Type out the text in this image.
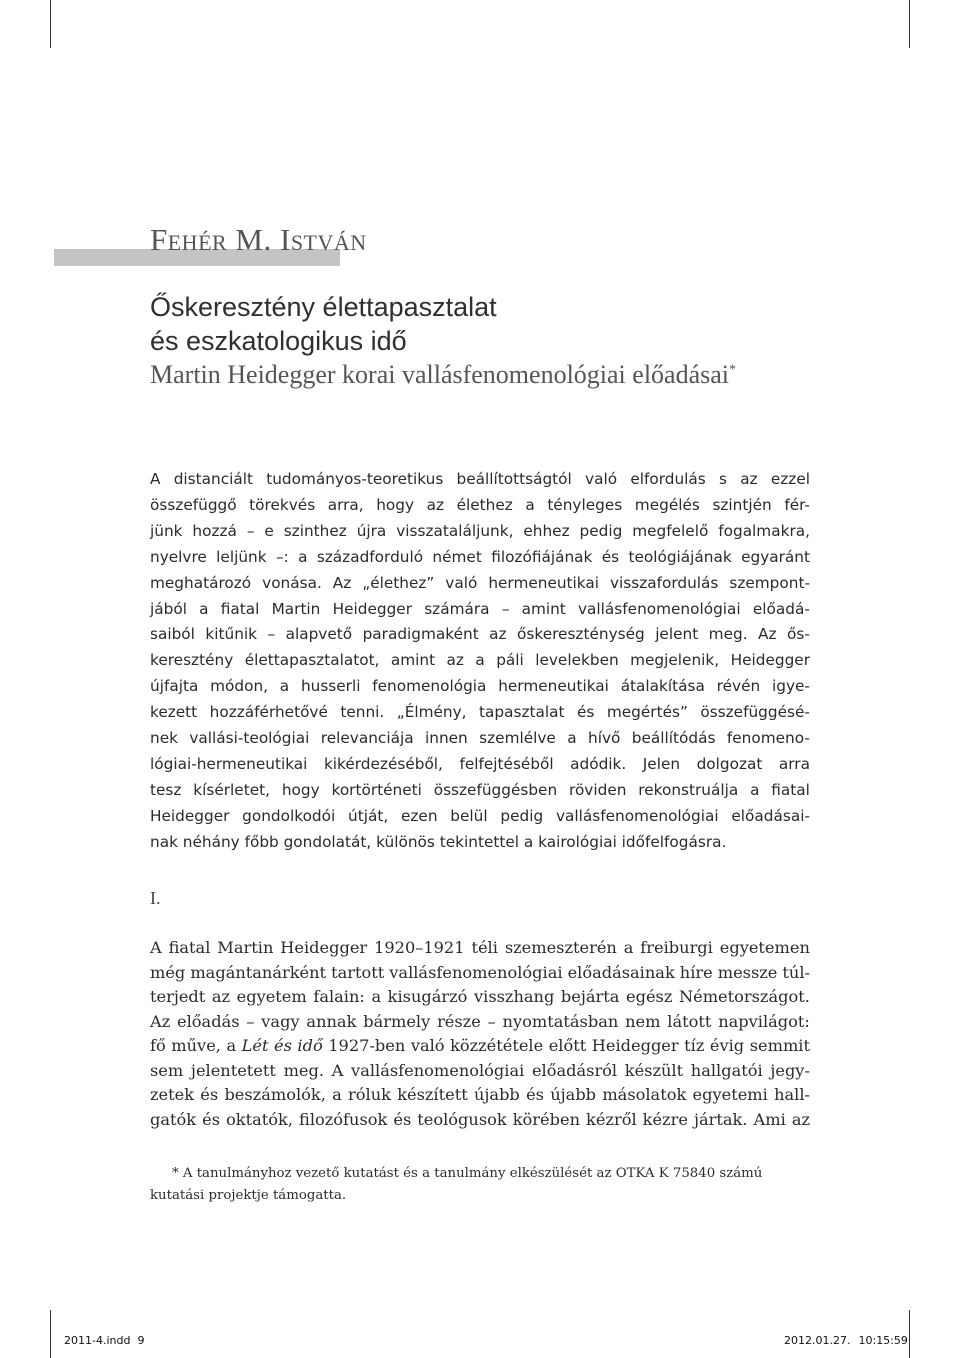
Fehér M. István
Őskeresztény élettapasztalat
és eszkatologikus idő
Martin Heidegger korai vallásfenomenológiai előadásai*
A distanciált tudományos-teoretikus beállítottságtól való elfordulás s az ezzel
összefüggő törekvés arra, hogy az élethez a tényleges megélés szintjén fér-
jünk hozzá – e szinthez újra visszataláljunk, ehhez pedig megfelelő fogalmakra,
nyelvre leljünk –: a századforduló német filozófiájának és teológiájának egyaránt
meghatározó vonása. Az „élethez” való hermeneutikai visszafordulás szempont-
jából a fiatal Martin Heidegger számára – amint vallásfenomenológiai előadá-
saiból kitűnik – alapvető paradigmaként az őskereszténység jelent meg. Az ős-
keresztény élettapasztalatot, amint az a páli levelekben megjelenik, Heidegger
újfajta módon, a husserli fenomenológia hermeneutikai átalakítása révén igye-
kezett hozzáférhetővé tenni. „Élmény, tapasztalat és megértés” összefüggésé-
nek vallási-teológiai relevanciája innen szemlélve a hívő beállítódás fenomeno-
lógiai-hermeneutikai kikérdezéséből, felfejtéséből adódik. Jelen dolgozat arra
tesz kísérletet, hogy kortörténeti összefüggésben röviden rekonstruálja a fiatal
Heidegger gondolkodói útját, ezen belül pedig vallásfenomenológiai előadásai-
nak néhány főbb gondolatát, különös tekintettel a kairológiai időfelfogásra.
I.
A fiatal Martin Heidegger 1920–1921 téli szemeszterén a freiburgi egyetemen
még magántanárként tartott vallásfenomenológiai előadásainak híre messze túl-
terjedt az egyetem falain: a kisugárzó visszhang bejárta egész Németországot.
Az előadás – vagy annak bármely része – nyomtatásban nem látott napvilágot:
fő műve, a Lét és idő 1927-ben való közzététele előtt Heidegger tíz évig semmit
sem jelentetett meg. A vallásfenomenológiai előadásról készült hallgatói jegy-
zetek és beszámolók, a róluk készített újabb és újabb másolatok egyetemi hall-
gatók és oktatók, filozófusok és teológusok körében kézről kézre jártak. Ami az
* A tanulmányhoz vezető kutatást és a tanulmány elkészülését az OTKA K 75840 számú
kutatási projektje támogatta.
2011-4.indd 9	2012.01.27. 10:15:59
